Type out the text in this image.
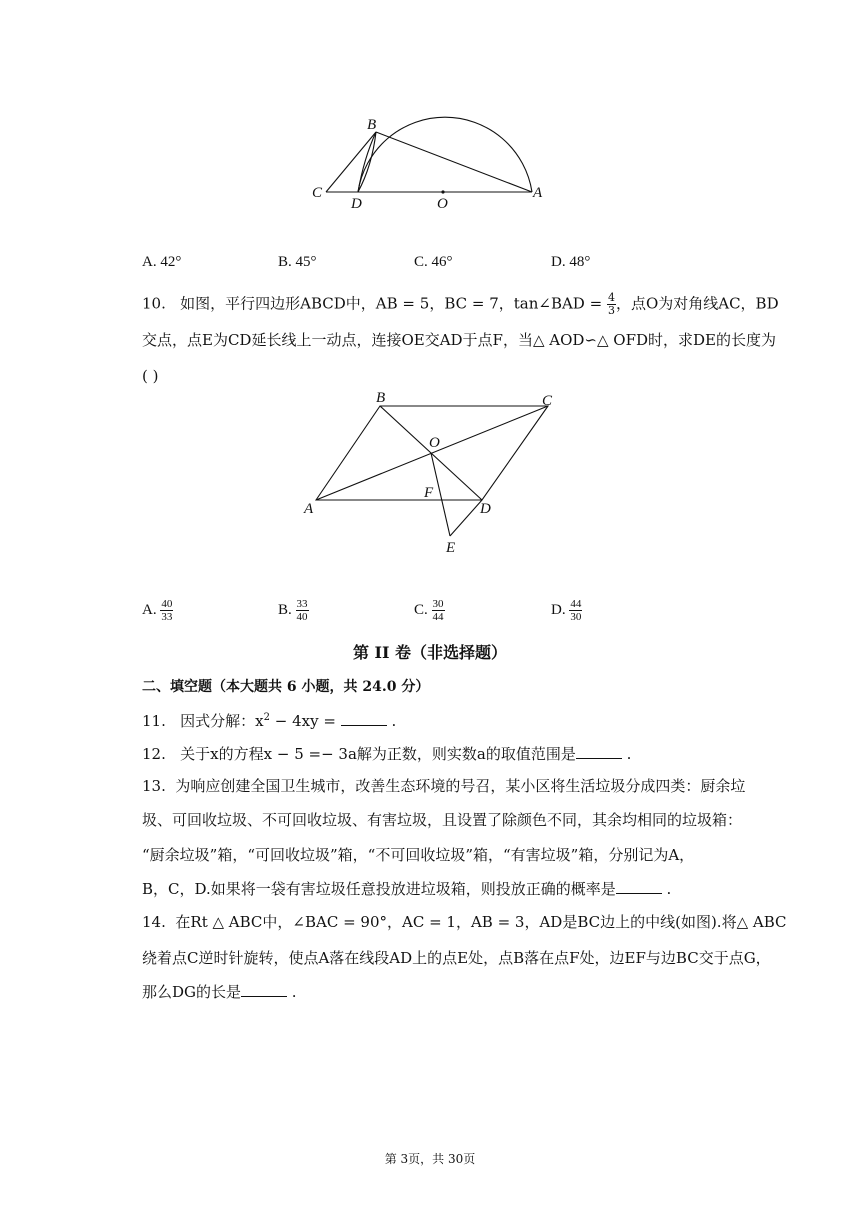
B
C
D	O
A
A. 42°	B. 45°	C. 46°	D. 48°
10. 如图，平行四边形ABCD中，AB = 5，BC = 7，tan∠BAD = $\frac{4}{3}$ ，点O为对角线AC，BD
交点，点E为CD延长线上一动点，连接OE交AD于点F，当△ AOD∽△ OFD时，求DE的长度为
( )
B	C
O
F
A	D
E
A. $\frac{40}{33}$	B. $\frac{33}{40}$	C. $\frac{30}{44}$	D. $\frac{44}{30}$
第 II 卷（非选择题）
二、填空题（本大题共 6 小题，共 24.0 分）
11. 因式分解：$x^2 - 4xy$ =	.
12. 关于x的方程x − 5 =− 3a解为正数，则实数a的取值范围是	.
13. 为响应创建全国卫生城市，改善生态环境的号召，某小区将生活垃圾分成四类：厨余垃
圾、可回收垃圾、不可回收垃圾、有害垃圾，且设置了除颜色不同，其余均相同的垃圾箱：
“厨余垃圾”箱，“可回收垃圾”箱，“不可回收垃圾”箱，“有害垃圾”箱，分别记为A，
B，C，D.如果将一袋有害垃圾任意投放进垃圾箱，则投放正确的概率是	.
14. 在Rt △ ABC中，∠BAC = 90°，AC = 1，AB = 3，AD是BC边上的中线(如图).将△ ABC
绕着点C逆时针旋转，使点A落在线段AD上的点E处，点B落在点F处，边EF与边BC交于点G，
那么DG的长是	.
第 3页，共 30页
